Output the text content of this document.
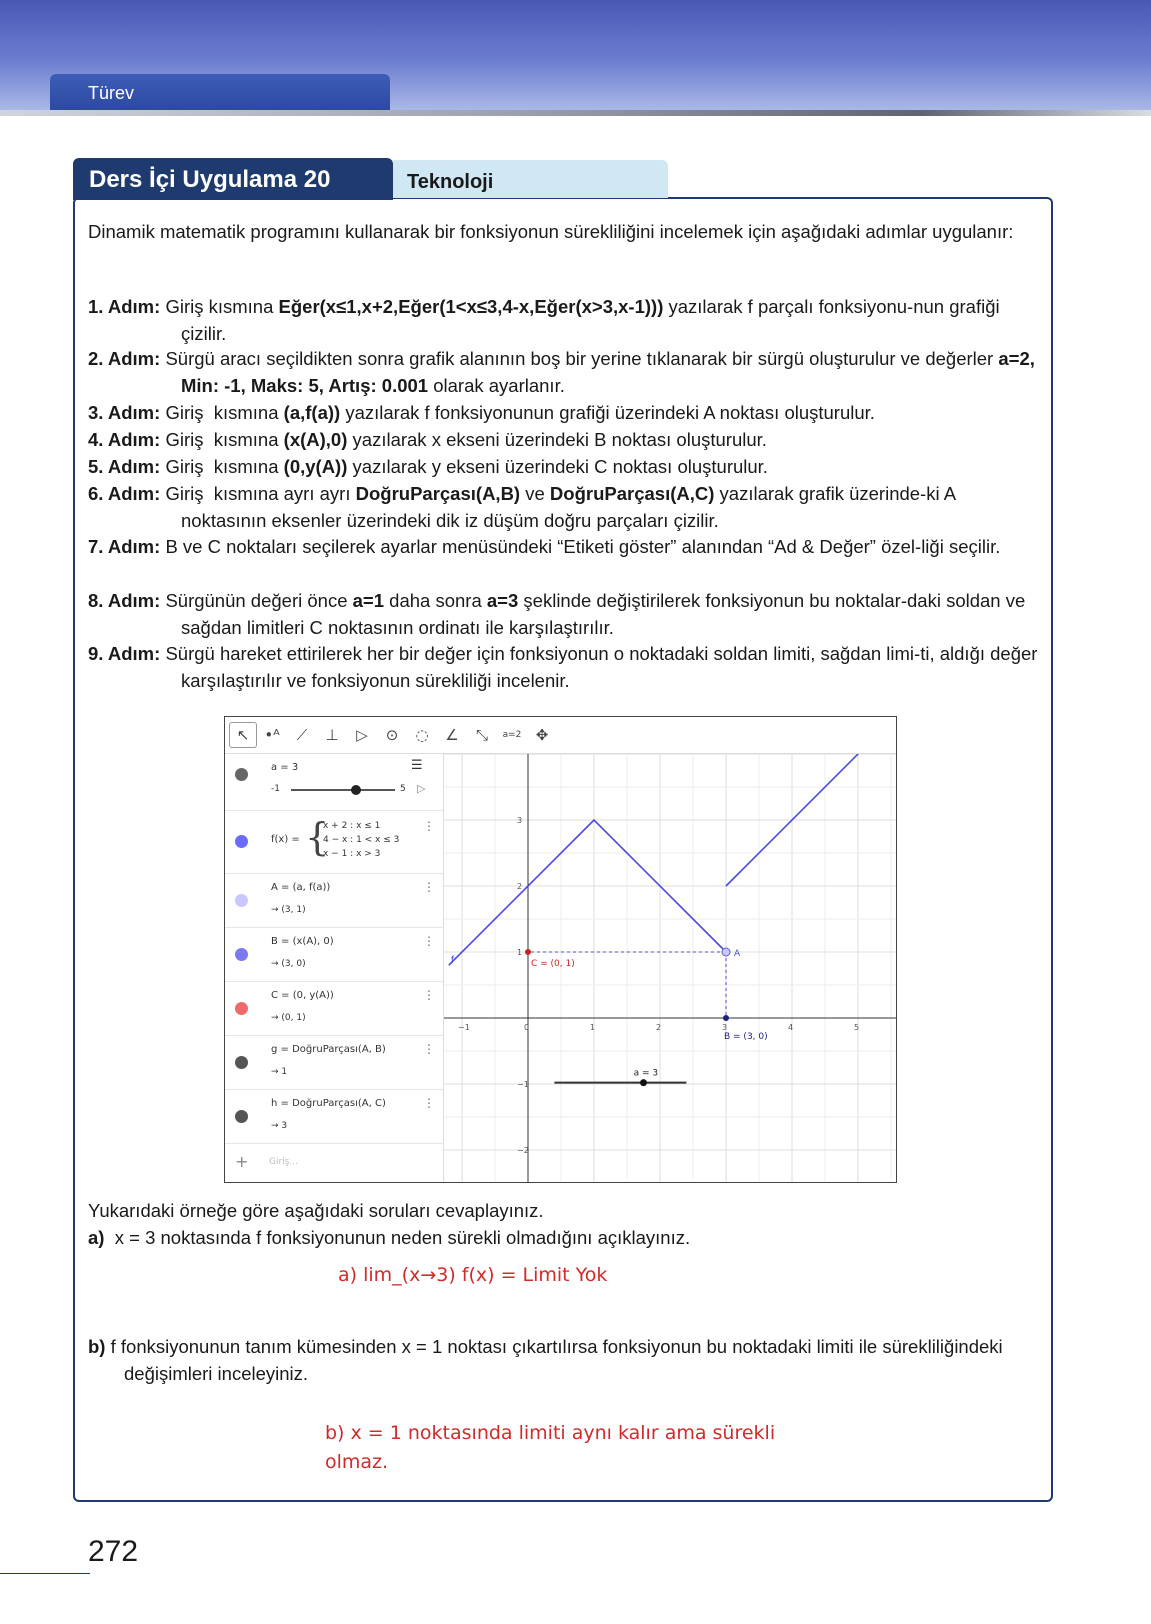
Türev
Ders İçi Uygulama 20	Teknoloji
Dinamik matematik programını kullanarak bir fonksiyonun sürekliliğini incelemek için aşağıdaki adımlar uygulanır:
1. Adım: Giriş kısmına Eğer(x≤1,x+2,Eğer(1<x≤3,4-x,Eğer(x>3,x-1))) yazılarak f parçalı fonksiyonu-nun grafiği çizilir.
2. Adım: Sürgü aracı seçildikten sonra grafik alanının boş bir yerine tıklanarak bir sürgü oluşturulur ve değerler a=2, Min: -1, Maks: 5, Artış: 0.001 olarak ayarlanır.
3. Adım: Giriş  kısmına (a,f(a)) yazılarak f fonksiyonunun grafiği üzerindeki A noktası oluşturulur.
4. Adım: Giriş  kısmına (x(A),0) yazılarak x ekseni üzerindeki B noktası oluşturulur.
5. Adım: Giriş  kısmına (0,y(A)) yazılarak y ekseni üzerindeki C noktası oluşturulur.
6. Adım: Giriş  kısmına ayrı ayrı DoğruParçası(A,B) ve DoğruParçası(A,C) yazılarak grafik üzerinde-ki A noktasının eksenler üzerindeki dik iz düşüm doğru parçaları çizilir.
7. Adım: B ve C noktaları seçilerek ayarlar menüsündeki “Etiketi göster” alanından “Ad & Değer” özel-liği seçilir.
8. Adım: Sürgünün değeri önce a=1 daha sonra a=3 şeklinde değiştirilerek fonksiyonun bu noktalar-daki soldan ve sağdan limitleri C noktasının ordinatı ile karşılaştırılır.
9. Adım: Sürgü hareket ettirilerek her bir değer için fonksiyonun o noktadaki soldan limiti, sağdan limi-ti, aldığı değer karşılaştırılır ve fonksiyonun sürekliliği incelenir.
↖	•ᴬ	⟋	⊥	▷	⊙	◌	∠	⤡	a=2 ✥
a = 3	☰
-1	5 ▷
f(x) = {
x + 2 : x ≤ 1
4 − x : 1 < x ≤ 3
x − 1 : x > 3
⋮
A = (a, f(a))
→ (3, 1)
⋮
B = (x(A), 0)
→ (3, 0)
⋮
C = (0, y(A))
→ (0, 1)
⋮
g = DoğruParçası(A, B)
→ 1
⋮
h = DoğruParçası(A, C)
→ 3
⋮
+ Giriş...
−1	0	1	2	3	4	5
−2
−1
1
2
3
f
A
B = (3, 0)
C = (0, 1)
a = 3
Yukarıdaki örneğe göre aşağıdaki soruları cevaplayınız.
a) x = 3 noktasında f fonksiyonunun neden sürekli olmadığını açıklayınız.
a) lim_(x→3) f(x) = Limit Yok
b) f fonksiyonunun tanım kümesinden x = 1 noktası çıkartılırsa fonksiyonun bu noktadaki limiti ile sürekliliğindeki değişimleri inceleyiniz.
b) x = 1 noktasında limiti aynı kalır ama sürekli
olmaz.
272
